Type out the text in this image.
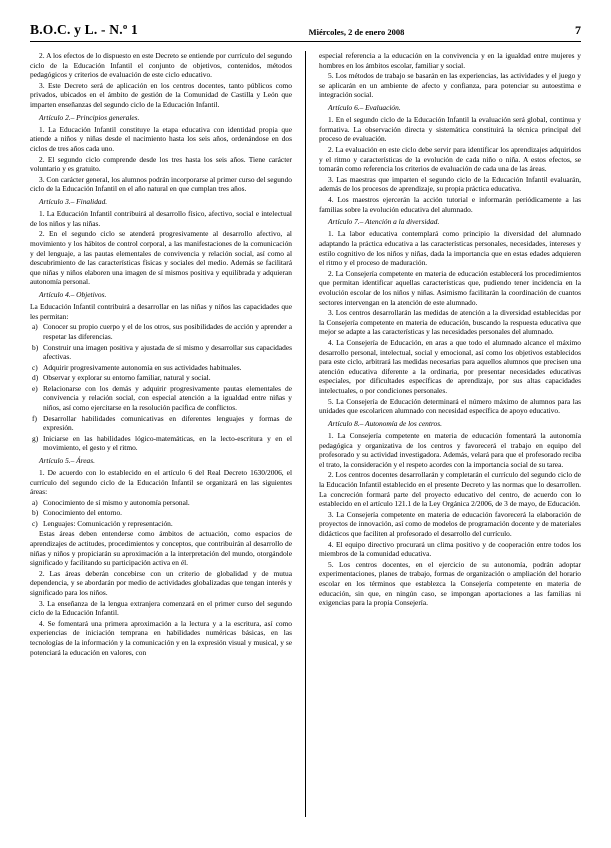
B.O.C. y L. - N.º 1	Miércoles, 2 de enero 2008	7

2. A los efectos de lo dispuesto en este Decreto se entiende por currículo del segundo ciclo de la Educación Infantil el conjunto de objetivos, contenidos, métodos pedagógicos y criterios de evaluación de este ciclo educativo.

3. Este Decreto será de aplicación en los centros docentes, tanto públicos como privados, ubicados en el ámbito de gestión de la Comunidad de Castilla y León que imparten enseñanzas del segundo ciclo de la Educación Infantil.

Artículo 2.– Principios generales.

1. La Educación Infantil constituye la etapa educativa con identidad propia que atiende a niños y niñas desde el nacimiento hasta los seis años, ordenándose en dos ciclos de tres años cada uno.

2. El segundo ciclo comprende desde los tres hasta los seis años. Tiene carácter voluntario y es gratuito.

3. Con carácter general, los alumnos podrán incorporarse al primer curso del segundo ciclo de la Educación Infantil en el año natural en que cumplan tres años.

Artículo 3.– Finalidad.

1. La Educación Infantil contribuirá al desarrollo físico, afectivo, social e intelectual de los niños y las niñas.

2. En el segundo ciclo se atenderá progresivamente al desarrollo afectivo, al movimiento y los hábitos de control corporal, a las manifestaciones de la comunicación y del lenguaje, a las pautas elementales de convivencia y relación social, así como al descubrimiento de las características físicas y sociales del medio. Además se facilitará que niñas y niños elaboren una imagen de sí mismos positiva y equilibrada y adquieran autonomía personal.

Artículo 4.– Objetivos.

La Educación Infantil contribuirá a desarrollar en las niñas y niños las capacidades que les permitan:

a) Conocer su propio cuerpo y el de los otros, sus posibilidades de acción y aprender a respetar las diferencias.

b) Construir una imagen positiva y ajustada de sí mismo y desarrollar sus capacidades afectivas.

c) Adquirir progresivamente autonomía en sus actividades habituales.

d) Observar y explorar su entorno familiar, natural y social.

e) Relacionarse con los demás y adquirir progresivamente pautas elementales de convivencia y relación social, con especial atención a la igualdad entre niñas y niños, así como ejercitarse en la resolución pacífica de conflictos.

f) Desarrollar habilidades comunicativas en diferentes lenguajes y formas de expresión.

g) Iniciarse en las habilidades lógico-matemáticas, en la lecto-escritura y en el movimiento, el gesto y el ritmo.

Artículo 5.– Áreas.

1. De acuerdo con lo establecido en el artículo 6 del Real Decreto 1630/2006, el currículo del segundo ciclo de la Educación Infantil se organizará en las siguientes áreas:

a) Conocimiento de sí mismo y autonomía personal.

b) Conocimiento del entorno.

c) Lenguajes: Comunicación y representación.

Estas áreas deben entenderse como ámbitos de actuación, como espacios de aprendizajes de actitudes, procedimientos y conceptos, que contribuirán al desarrollo de niñas y niños y propiciarán su aproximación a la interpretación del mundo, otorgándole significado y facilitando su participación activa en él.

2. Las áreas deberán concebirse con un criterio de globalidad y de mutua dependencia, y se abordarán por medio de actividades globalizadas que tengan interés y significado para los niños.

3. La enseñanza de la lengua extranjera comenzará en el primer curso del segundo ciclo de la Educación Infantil.

4. Se fomentará una primera aproximación a la lectura y a la escritura, así como experiencias de iniciación temprana en habilidades numéricas básicas, en las tecnologías de la información y la comunicación y en la expresión visual y musical, y se potenciará la educación en valores, con

especial referencia a la educación en la convivencia y en la igualdad entre mujeres y hombres en los ámbitos escolar, familiar y social.

5. Los métodos de trabajo se basarán en las experiencias, las actividades y el juego y se aplicarán en un ambiente de afecto y confianza, para potenciar su autoestima e integración social.

Artículo 6.– Evaluación.

1. En el segundo ciclo de la Educación Infantil la evaluación será global, continua y formativa. La observación directa y sistemática constituirá la técnica principal del proceso de evaluación.

2. La evaluación en este ciclo debe servir para identificar los aprendizajes adquiridos y el ritmo y características de la evolución de cada niño o niña. A estos efectos, se tomarán como referencia los criterios de evaluación de cada una de las áreas.

3. Las maestras que imparten el segundo ciclo de la Educación Infantil evaluarán, además de los procesos de aprendizaje, su propia práctica educativa.

4. Los maestros ejercerán la acción tutorial e informarán periódicamente a las familias sobre la evolución educativa del alumnado.

Artículo 7.– Atención a la diversidad.

1. La labor educativa contemplará como principio la diversidad del alumnado adaptando la práctica educativa a las características personales, necesidades, intereses y estilo cognitivo de los niños y niñas, dada la importancia que en estas edades adquieren el ritmo y el proceso de maduración.

2. La Consejería competente en materia de educación establecerá los procedimientos que permitan identificar aquellas características que, pudiendo tener incidencia en la evolución escolar de los niños y niñas. Asimismo facilitarán la coordinación de cuantos sectores intervengan en la atención de este alumnado.

3. Los centros desarrollarán las medidas de atención a la diversidad establecidas por la Consejería competente en materia de educación, buscando la respuesta educativa que mejor se adapte a las características y las necesidades personales del alumnado.

4. La Consejería de Educación, en aras a que todo el alumnado alcance el máximo desarrollo personal, intelectual, social y emocional, así como los objetivos establecidos para este ciclo, arbitrará las medidas necesarias para aquellos alumnos que precisen una atención educativa diferente a la ordinaria, por presentar necesidades educativas especiales, por dificultades específicas de aprendizaje, por sus altas capacidades intelectuales, o por condiciones personales.

5. La Consejería de Educación determinará el número máximo de alumnos para las unidades que escolaricen alumnado con necesidad específica de apoyo educativo.

Artículo 8.– Autonomía de los centros.

1. La Consejería competente en materia de educación fomentará la autonomía pedagógica y organizativa de los centros y favorecerá el trabajo en equipo del profesorado y su actividad investigadora. Además, velará para que el profesorado reciba el trato, la consideración y el respeto acordes con la importancia social de su tarea.

2. Los centros docentes desarrollarán y completarán el currículo del segundo ciclo de la Educación Infantil establecido en el presente Decreto y las normas que lo desarrollen. La concreción formará parte del proyecto educativo del centro, de acuerdo con lo establecido en el artículo 121.1 de la Ley Orgánica 2/2006, de 3 de mayo, de Educación.

3. La Consejería competente en materia de educación favorecerá la elaboración de proyectos de innovación, así como de modelos de programación docente y de materiales didácticos que faciliten al profesorado el desarrollo del currículo.

4. El equipo directivo procurará un clima positivo y de cooperación entre todos los miembros de la comunidad educativa.

5. Los centros docentes, en el ejercicio de su autonomía, podrán adoptar experimentaciones, planes de trabajo, formas de organización o ampliación del horario escolar en los términos que establezca la Consejería competente en materia de educación, sin que, en ningún caso, se impongan aportaciones a las familias ni exigencias para la propia Consejería.
